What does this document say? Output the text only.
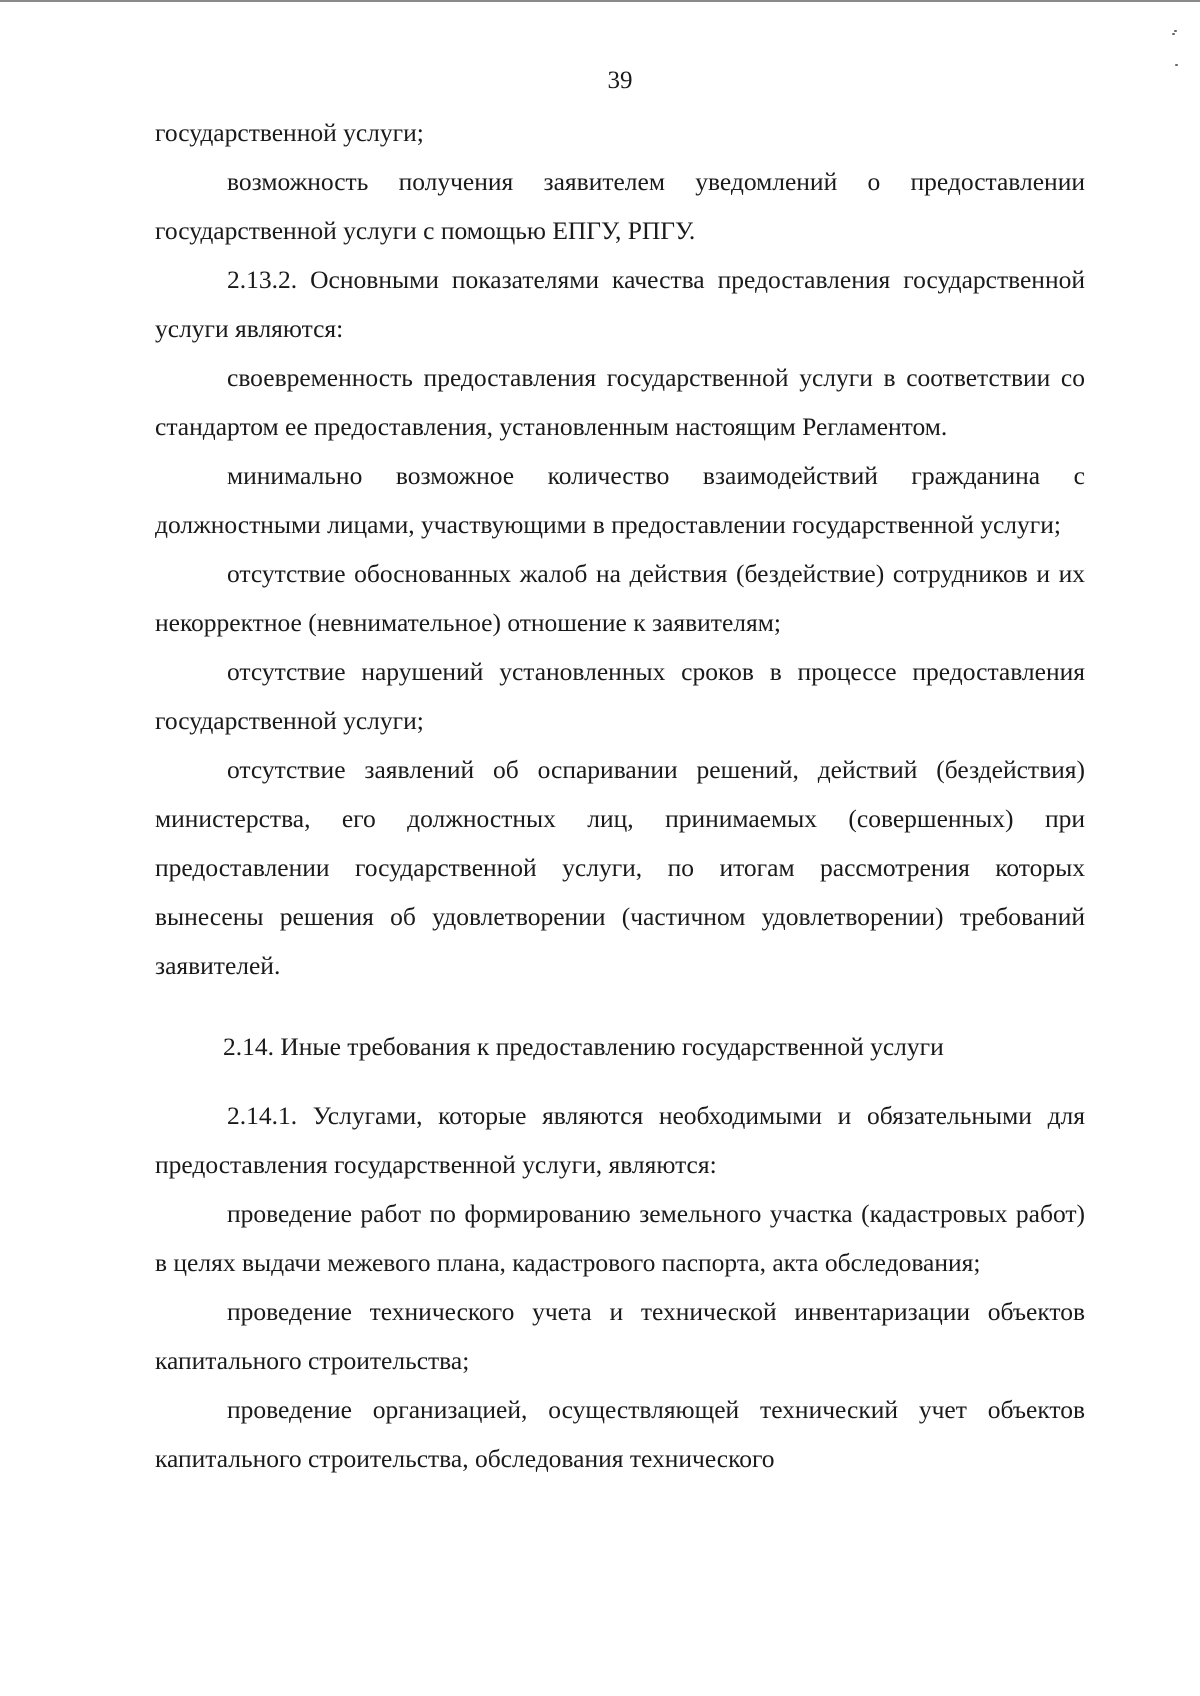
39

государственной услуги;

возможность получения заявителем уведомлений о предоставлении государственной услуги с помощью ЕПГУ, РПГУ.

2.13.2. Основными показателями качества предоставления государственной услуги являются:

своевременность предоставления государственной услуги в соответствии со стандартом ее предоставления, установленным настоящим Регламентом.

минимально возможное количество взаимодействий гражданина с должностными лицами, участвующими в предоставлении государственной услуги;

отсутствие обоснованных жалоб на действия (бездействие) сотрудников и их некорректное (невнимательное) отношение к заявителям;

отсутствие нарушений установленных сроков в процессе предоставления государственной услуги;

отсутствие заявлений об оспаривании решений, действий (бездействия) министерства, его должностных лиц, принимаемых (совершенных) при предоставлении государственной услуги, по итогам рассмотрения которых вынесены решения об удовлетворении (частичном удовлетворении) требований заявителей.

2.14. Иные требования к предоставлению государственной услуги

2.14.1. Услугами, которые являются необходимыми и обязательными для предоставления государственной услуги, являются:

проведение работ по формированию земельного участка (кадастровых работ) в целях выдачи межевого плана, кадастрового паспорта, акта обследования;

проведение технического учета и технической инвентаризации объектов капитального строительства;

проведение организацией, осуществляющей технический учет объектов капитального строительства, обследования технического
